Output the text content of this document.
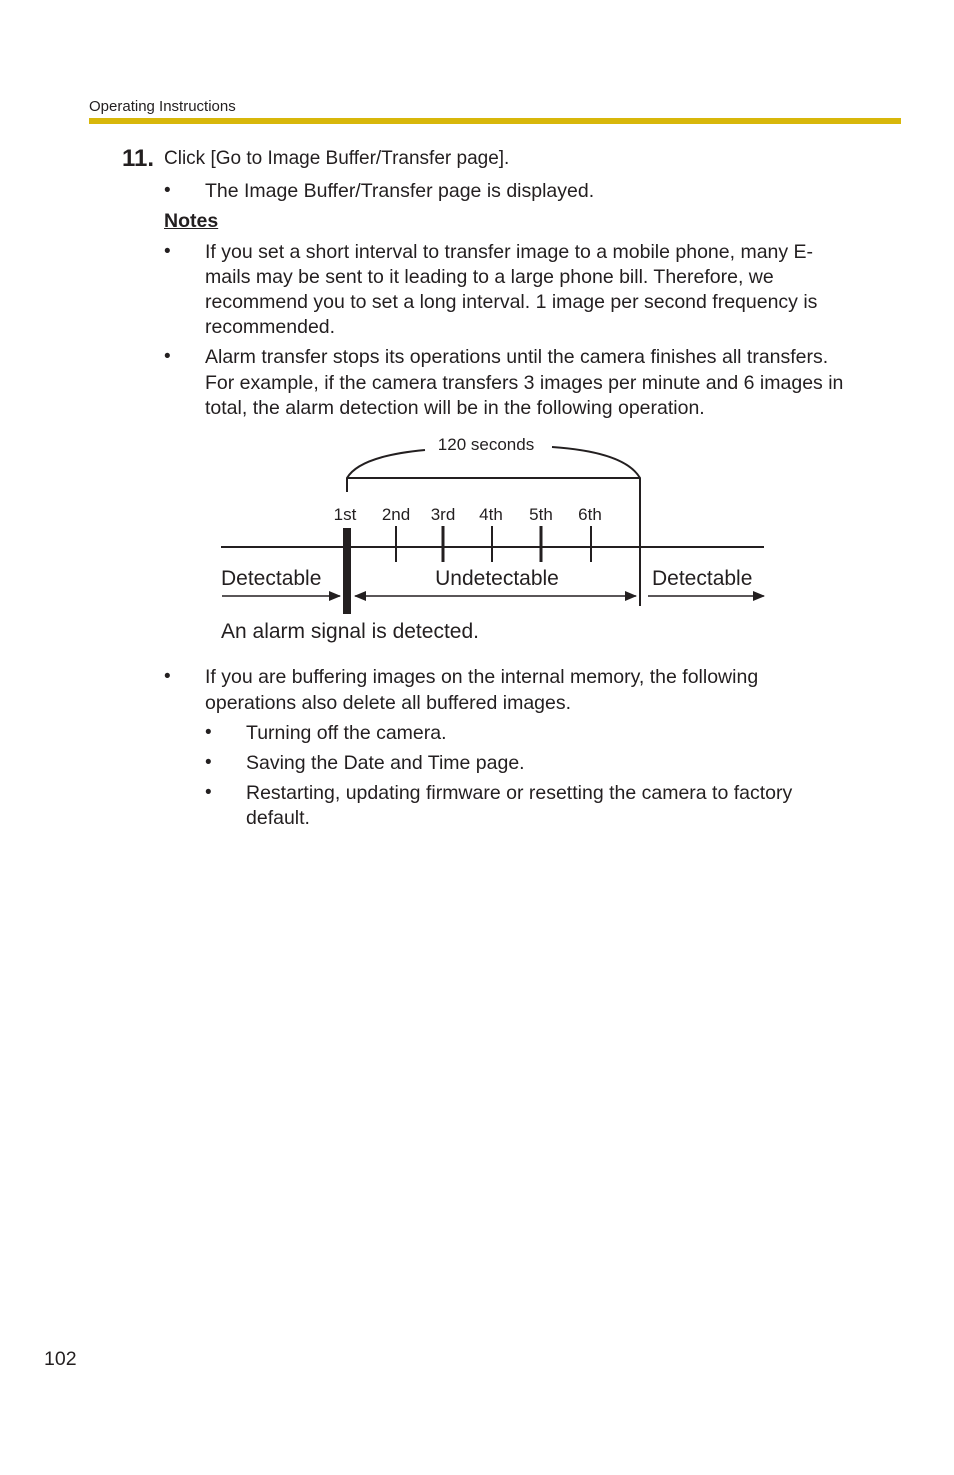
Operating Instructions
11. Click [Go to Image Buffer/Transfer page].
• The Image Buffer/Transfer page is displayed.
Notes
• If you set a short interval to transfer image to a mobile phone, many E-
mails may be sent to it leading to a large phone bill. Therefore, we
recommend you to set a long interval. 1 image per second frequency is
recommended.
• Alarm transfer stops its operations until the camera finishes all transfers.
For example, if the camera transfers 3 images per minute and 6 images in
total, the alarm detection will be in the following operation.
120 seconds
1st 2nd 3rd 4th 5th 6th
Detectable	Undetectable	Detectable
An alarm signal is detected.
• If you are buffering images on the internal memory, the following
operations also delete all buffered images.
• Turning off the camera.
• Saving the Date and Time page.
• Restarting, updating firmware or resetting the camera to factory
default.
102
